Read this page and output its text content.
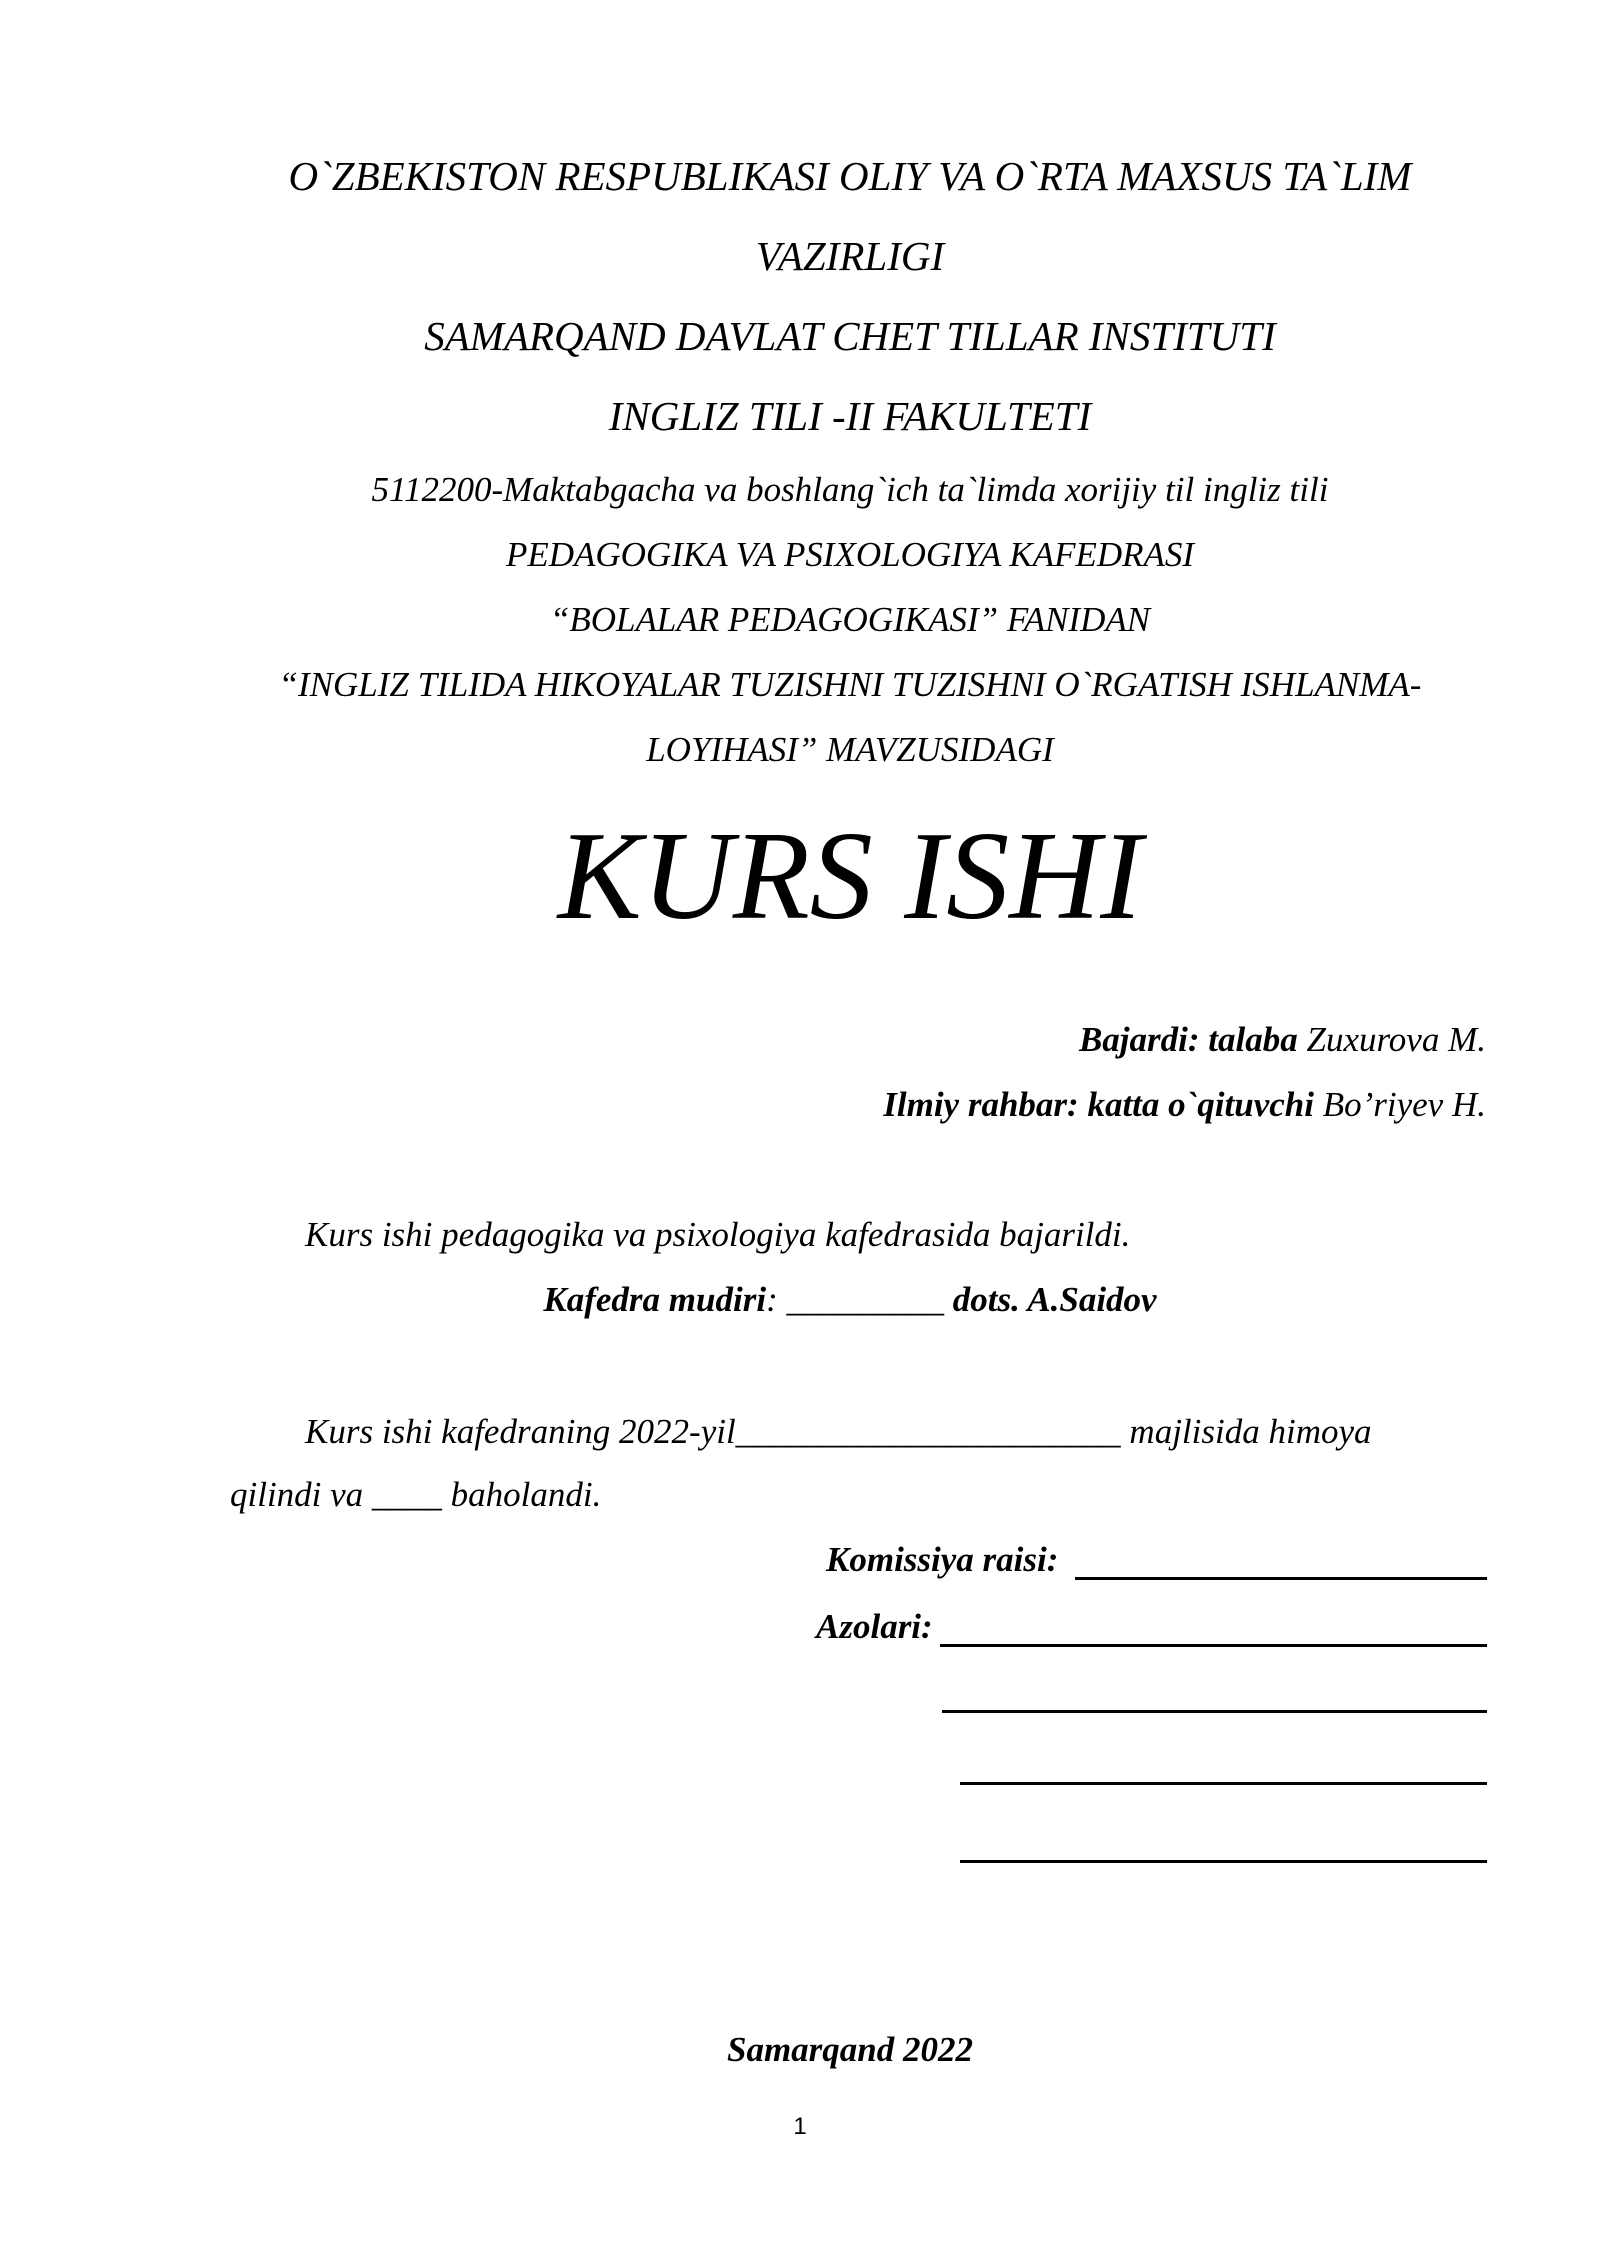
O`ZBEKISTON RESPUBLIKASI OLIY VA O`RTA MAXSUS TA`LIM
VAZIRLIGI
SAMARQAND DAVLAT CHET TILLAR INSTITUTI
INGLIZ TILI -II FAKULTETI
5112200-Maktabgacha va boshlang`ich ta`limda xorijiy til ingliz tili
PEDAGOGIKA VA PSIXOLOGIYA KAFEDRASI
“BOLALAR PEDAGOGIKASI” FANIDAN
“INGLIZ TILIDA HIKOYALAR TUZISHNI TUZISHNI O`RGATISH ISHLANMA-
LOYIHASI” MAVZUSIDAGI
KURS ISHI
Bajardi: talaba Zuxurova M.
Ilmiy rahbar: katta o`qituvchi Bo’riyev H.
Kurs ishi pedagogika va psixologiya kafedrasida bajarildi.
Kafedra mudiri: _________ dots. A.Saidov
Kurs ishi kafedraning 2022-yil______________________ majlisida himoya
qilindi va ____ baholandi.
Komissiya raisi:
Azolari:
Samarqand 2022
1
